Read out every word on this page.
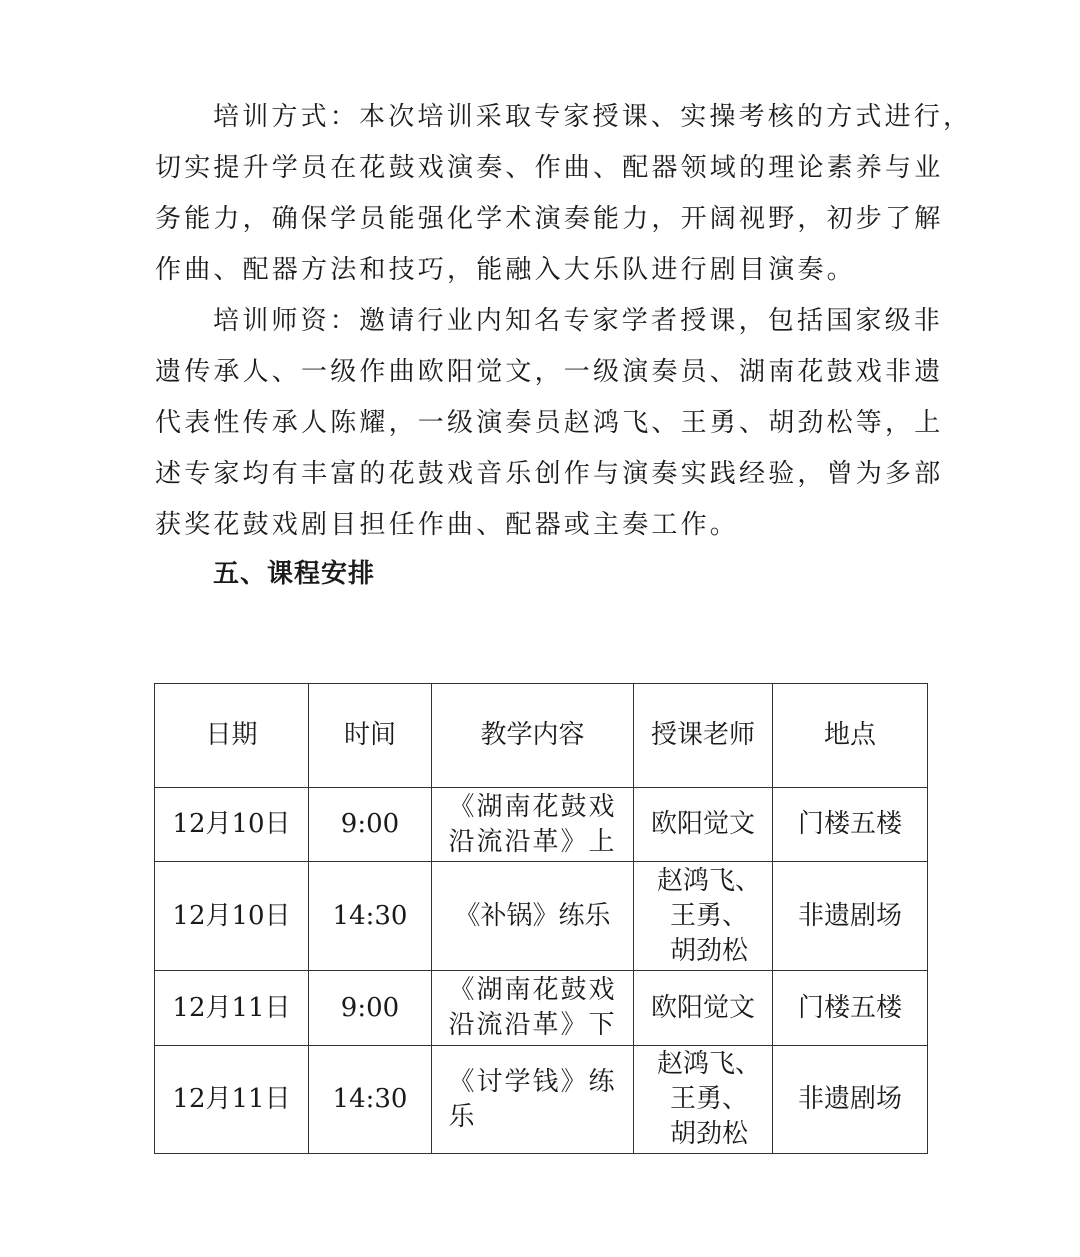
培训方式：本次培训采取专家授课、实操考核的方式进行，
切实提升学员在花鼓戏演奏、作曲、配器领域的理论素养与业
务能力，确保学员能强化学术演奏能力，开阔视野，初步了解
作曲、配器方法和技巧，能融入大乐队进行剧目演奏。
培训师资：邀请行业内知名专家学者授课，包括国家级非
遗传承人、一级作曲欧阳觉文，一级演奏员、湖南花鼓戏非遗
代表性传承人陈耀，一级演奏员赵鸿飞、王勇、胡劲松等，上
述专家均有丰富的花鼓戏音乐创作与演奏实践经验，曾为多部
获奖花鼓戏剧目担任作曲、配器或主奏工作。
五、课程安排
日期	时间	教学内容	授课老师	地点
12月10日	9:00	《湖南花鼓戏
沿流沿革》上	欧阳觉文	门楼五楼
12月10日	14:30	《补锅》练乐	赵鸿飞、
王勇、
胡劲松	非遗剧场
12月11日	9:00	《湖南花鼓戏
沿流沿革》下	欧阳觉文	门楼五楼
12月11日	14:30	《讨学钱》练
乐	赵鸿飞、
王勇、
胡劲松	非遗剧场
